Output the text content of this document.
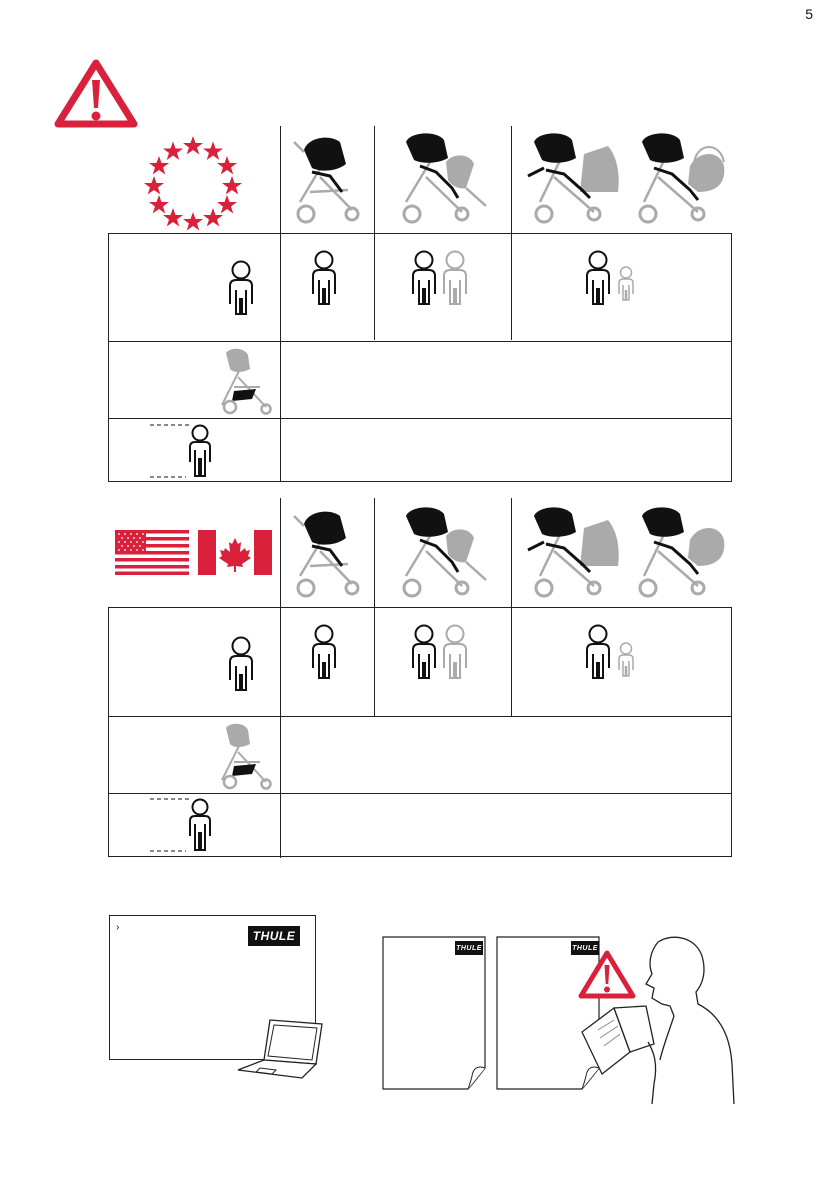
5
›
THULE
THULE	THULE
